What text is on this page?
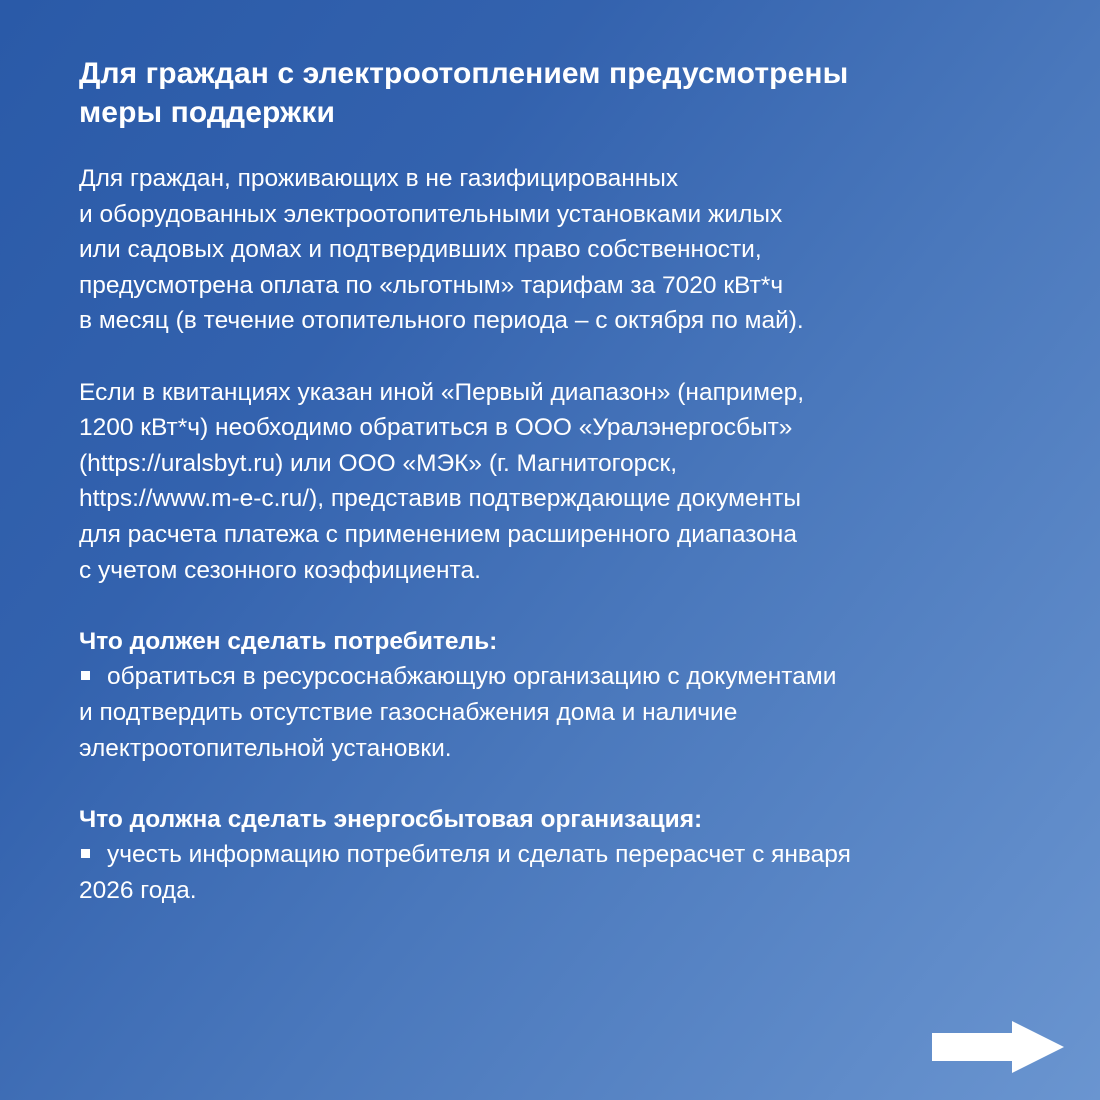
Для граждан с электроотоплением предусмотрены
меры поддержки

Для граждан, проживающих в не газифицированных
и оборудованных электроотопительными установками жилых
или садовых домах и подтвердивших право собственности,
предусмотрена оплата по «льготным» тарифам за 7020 кВт*ч
в месяц (в течение отопительного периода – с октября по май).

Если в квитанциях указан иной «Первый диапазон» (например,
1200 кВт*ч) необходимо обратиться в ООО «Уралэнергосбыт»
(https://uralsbyt.ru) или ООО «МЭК» (г. Магнитогорск,
https://www.m-e-c.ru/), представив подтверждающие документы
для расчета платежа с применением расширенного диапазона
с учетом сезонного коэффициента.

Что должен сделать потребитель:

обратиться в ресурсоснабжающую организацию с документами
и подтвердить отсутствие газоснабжения дома и наличие
электроотопительной установки.

Что должна сделать энергосбытовая организация:

учесть информацию потребителя и сделать перерасчет с января
2026 года.
